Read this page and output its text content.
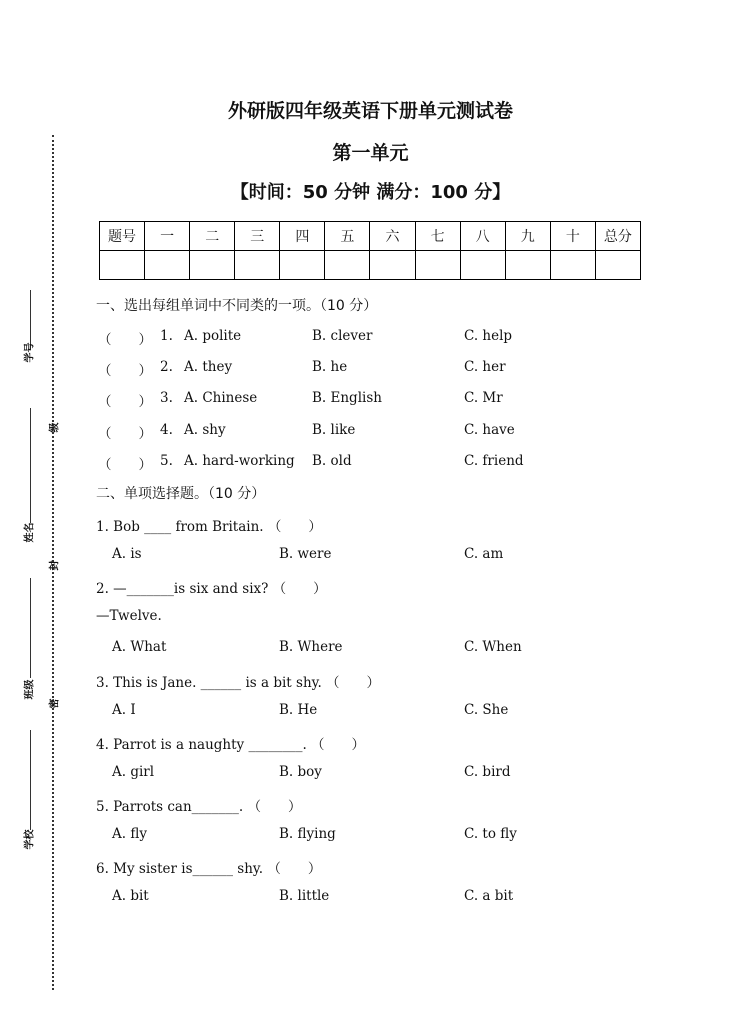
学号
级
姓名
封
班级
密
学校
外研版四年级英语下册单元测试卷
第一单元
【时间：50 分钟 满分：100 分】
题号	一	二	三	四	五	六	七	八	九	十	总分

一、选出每组单词中不同类的一项。（10 分）
（　　） 1. A. polite	B. clever	C. help
（　　） 2. A. they	B. he	C. her
（　　） 3. A. Chinese	B. English	C. Mr
（　　） 4. A. shy	B. like	C. have
（　　） 5. A. hard-working B. old	C. friend
二、单项选择题。（10 分）
1. Bob ____ from Britain. （　　）
A. is	B. were	C. am
2. —_______is six and six? （　　）
—Twelve.
A. What	B. Where	C. When
3. This is Jane. ______ is a bit shy. （　　）
A. I	B. He	C. She
4. Parrot is a naughty ________. （　　）
A. girl	B. boy	C. bird
5. Parrots can_______. （　　）
A. fly	B. flying	C. to fly
6. My sister is______ shy. （　　）
A. bit	B. little	C. a bit
